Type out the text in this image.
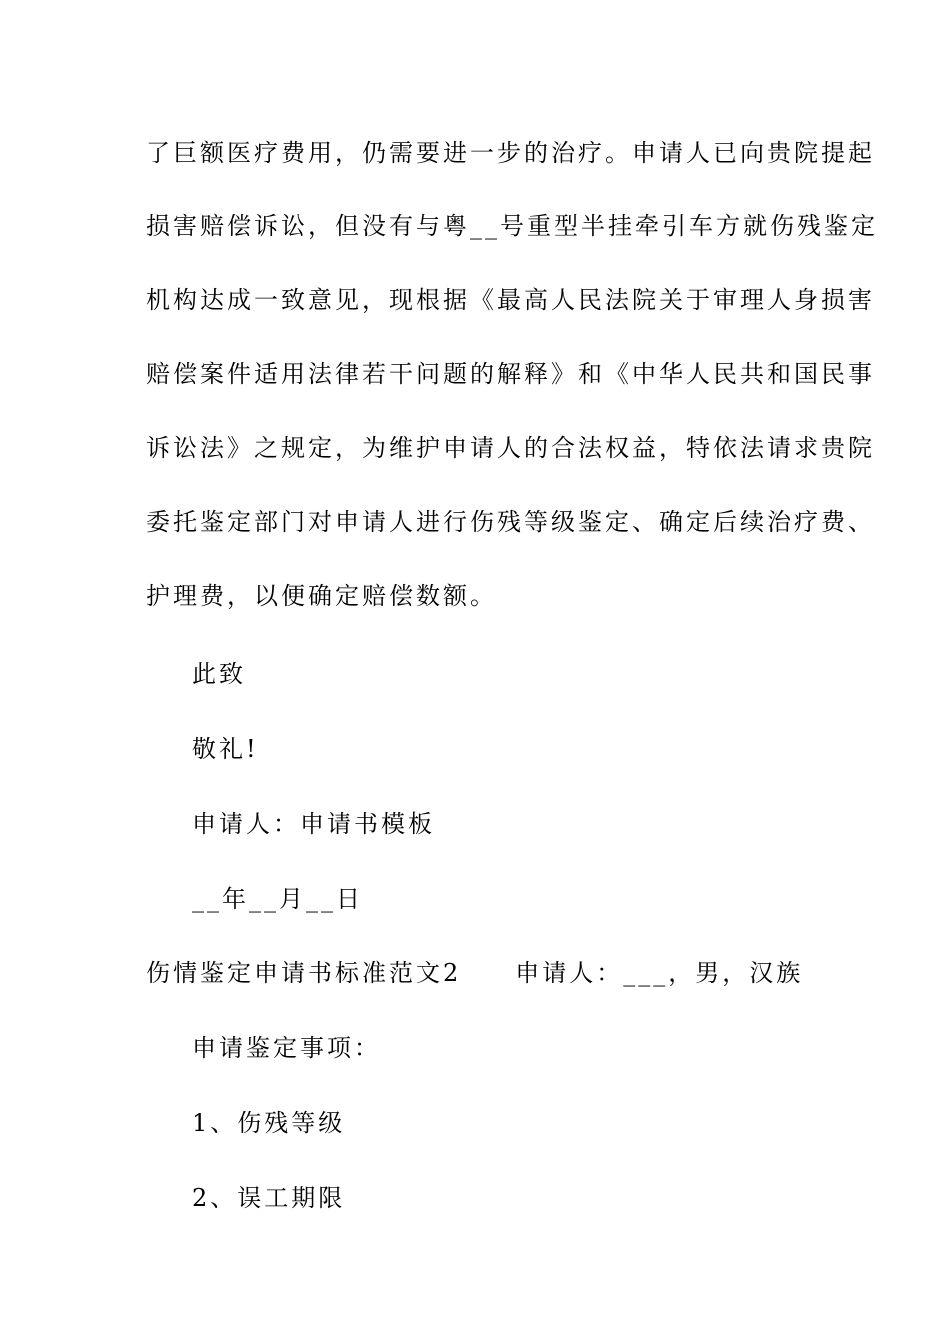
了巨额医疗费用，仍需要进一步的治疗。申请人已向贵院提起
损害赔偿诉讼，但没有与粤__号重型半挂牵引车方就伤残鉴定
机构达成一致意见，现根据《最高人民法院关于审理人身损害
赔偿案件适用法律若干问题的解释》和《中华人民共和国民事
诉讼法》之规定，为维护申请人的合法权益，特依法请求贵院
委托鉴定部门对申请人进行伤残等级鉴定、确定后续治疗费、
护理费，以便确定赔偿数额。
此致
敬礼!
申请人：申请书模板
__年__月__日
伤情鉴定申请书标准范文2　　申请人：___，男，汉族
申请鉴定事项：
1、伤残等级
2、误工期限
